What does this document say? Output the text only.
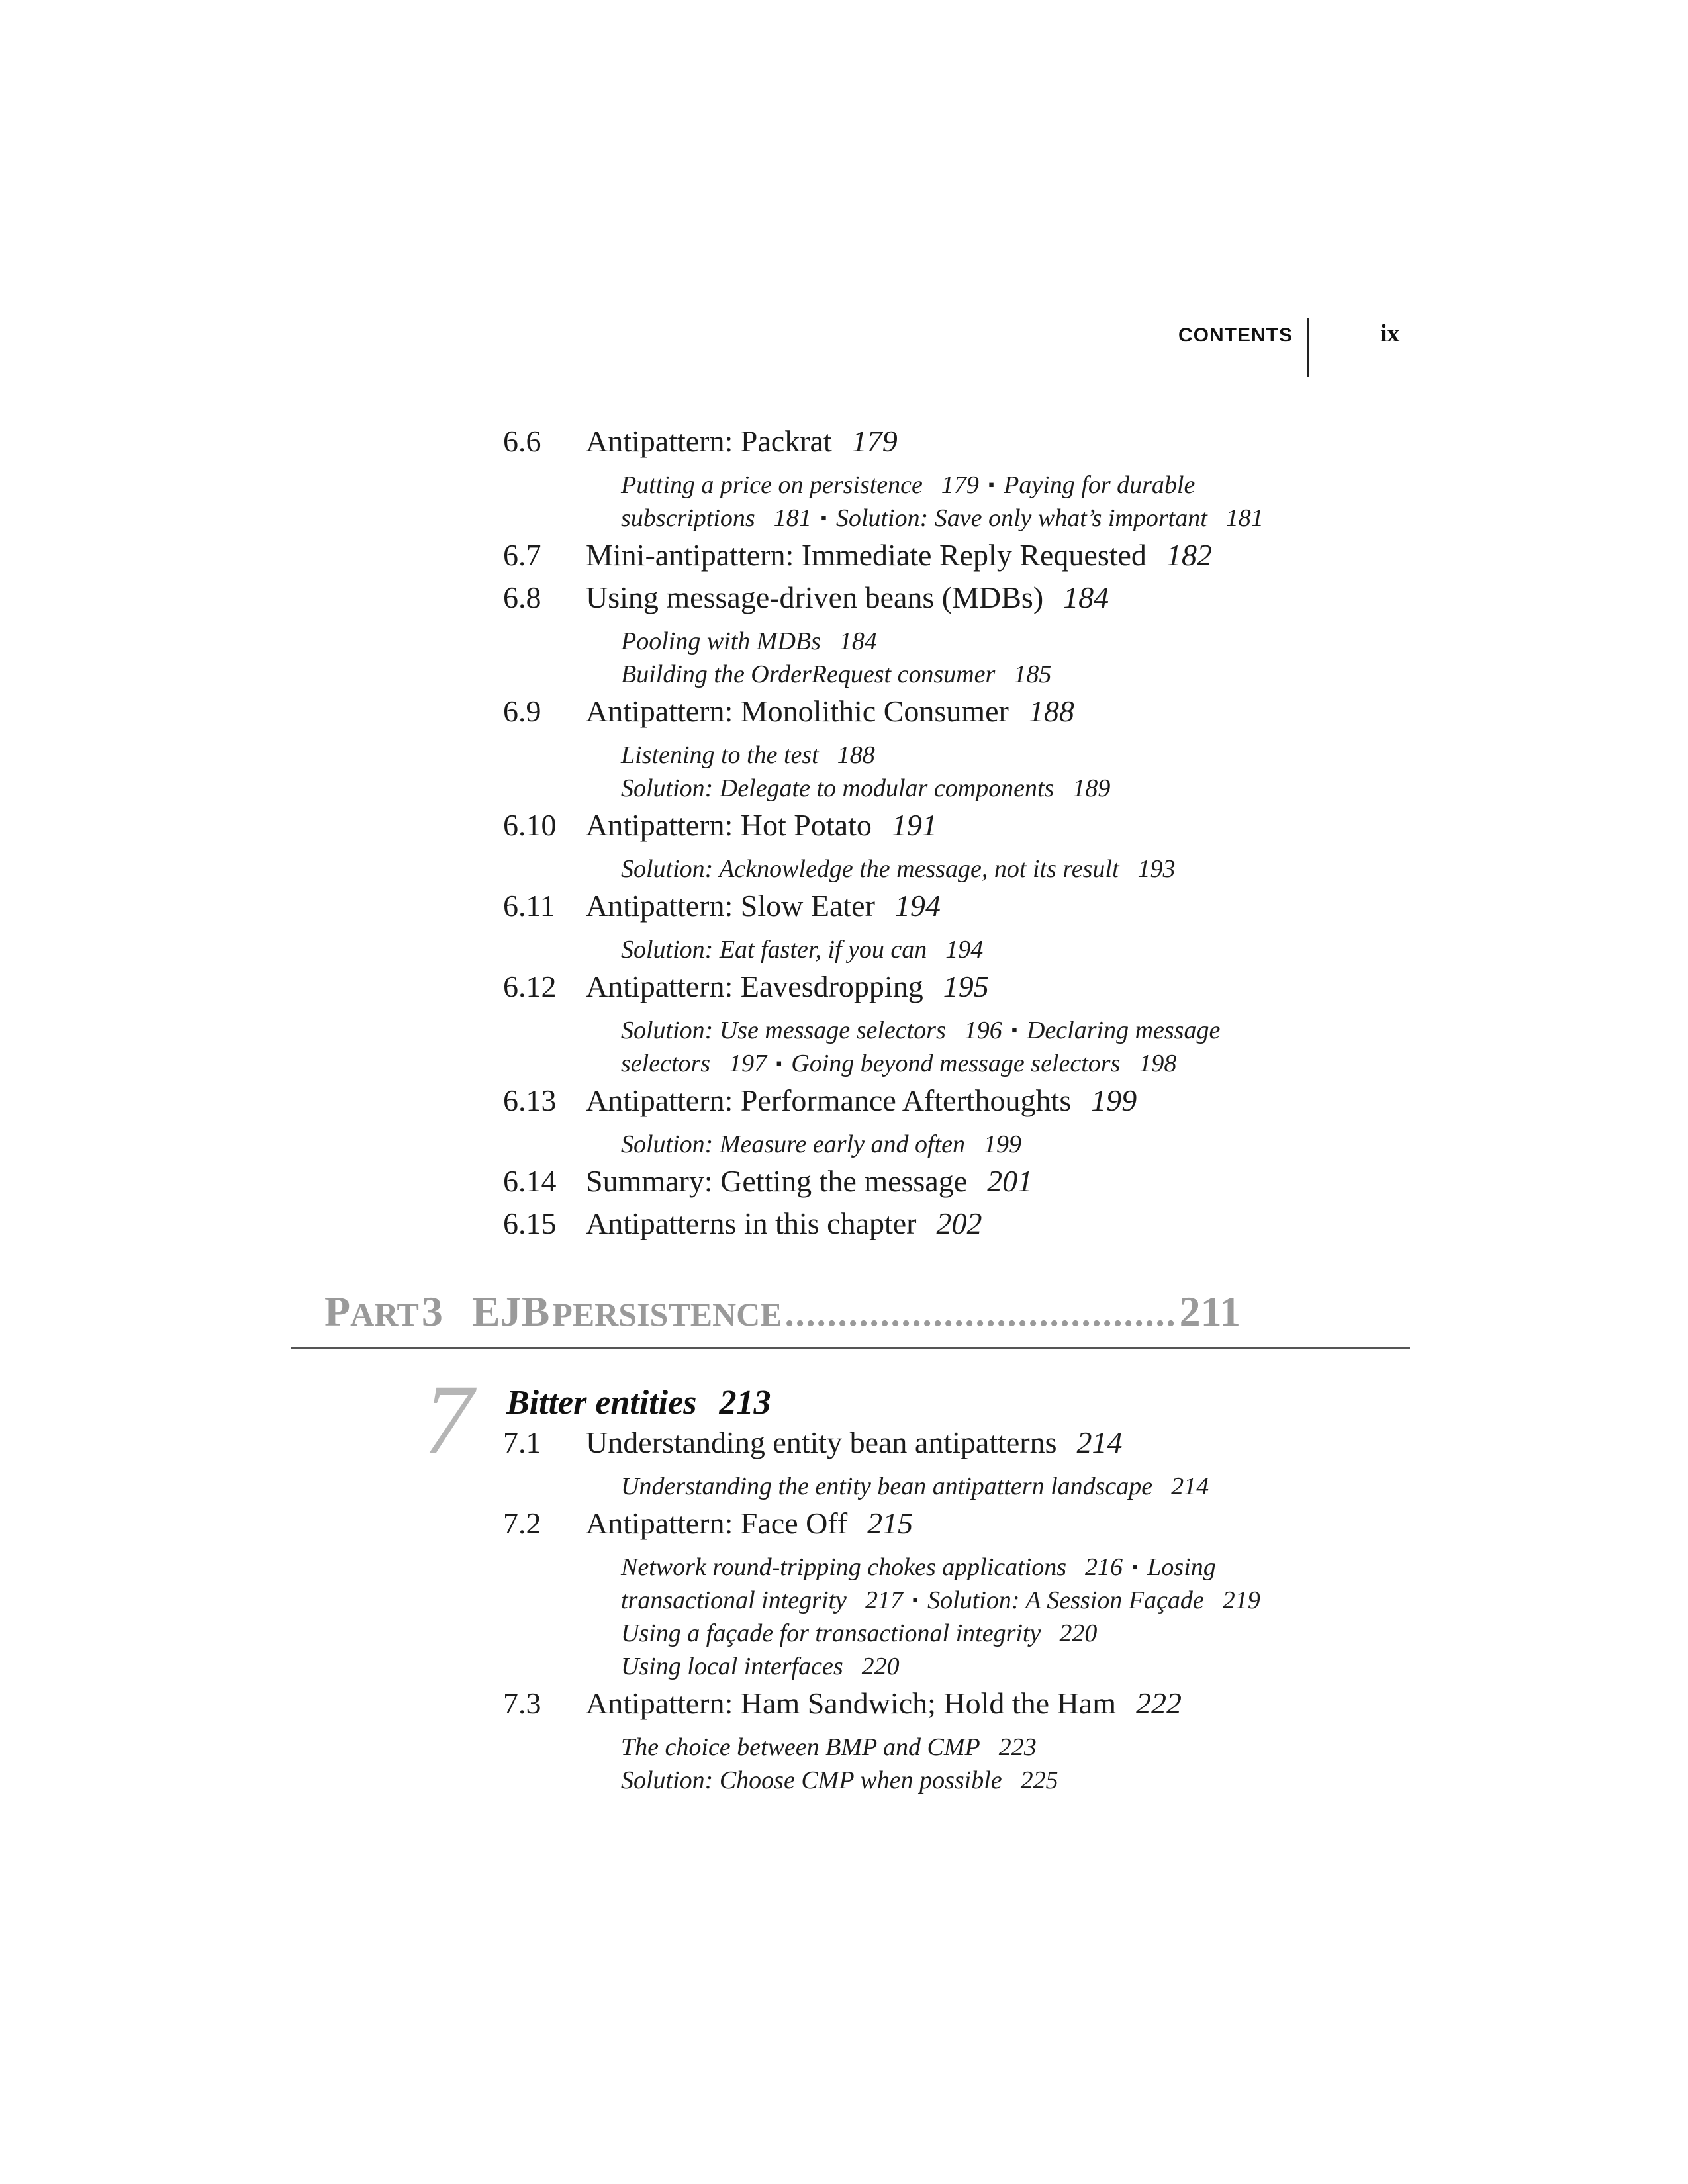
CONTENTS	ix
6.6 Antipattern: Packrat 179
Putting a price on persistence 179 ▪ Paying for durable
subscriptions 181 ▪ Solution: Save only what’s important 181
6.7 Mini-antipattern: Immediate Reply Requested 182
6.8 Using message-driven beans (MDBs) 184
Pooling with MDBs 184
Building the OrderRequest consumer 185
6.9 Antipattern: Monolithic Consumer 188
Listening to the test 188
Solution: Delegate to modular components 189
6.10 Antipattern: Hot Potato 191
Solution: Acknowledge the message, not its result 193
6.11 Antipattern: Slow Eater 194
Solution: Eat faster, if you can 194
6.12 Antipattern: Eavesdropping 195
Solution: Use message selectors 196 ▪ Declaring message
selectors 197 ▪ Going beyond message selectors 198
6.13 Antipattern: Performance Afterthoughts 199
Solution: Measure early and often 199
6.14 Summary: Getting the message 201
6.15 Antipatterns in this chapter 202
7.1 Understanding entity bean antipatterns 214
Understanding the entity bean antipattern landscape 214
7.2 Antipattern: Face Off 215
Network round-tripping chokes applications 216 ▪ Losing
transactional integrity 217 ▪ Solution: A Session Façade 219
Using a façade for transactional integrity 220
Using local interfaces 220
7.3 Antipattern: Ham Sandwich; Hold the Ham 222
The choice between BMP and CMP 223
Solution: Choose CMP when possible 225
PART 3 EJB PERSISTENCE ..................................... 211
7 Bitter entities 213
